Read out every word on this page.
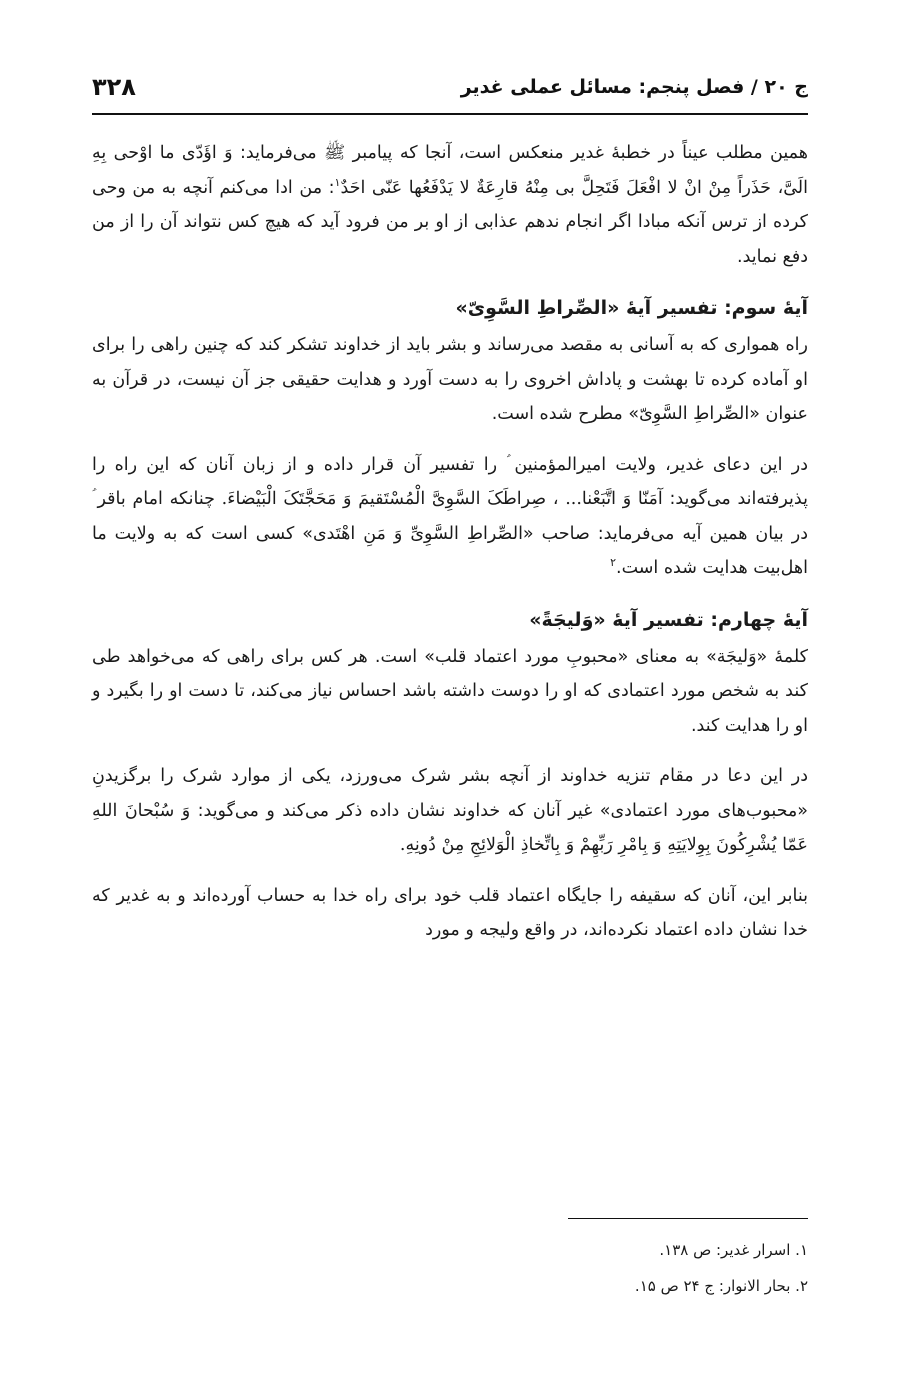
ج ۲۰ / فصل پنجم: مسائل عملی غدیر
۳۲۸

همین مطلب عیناً در خطبهٔ غدیر منعکس است، آنجا که پیامبر ﷺ می‌فرماید: وَ اؤَدّی ما اوْحی بِهِ الَیَّ، حَذَراً مِنْ انْ لا افْعَلَ فَتَحِلَّ بی مِنْهُ قارِعَةٌ لا یَدْفَعُها عَنّی احَدٌ$^۱$: من ادا می‌کنم آنچه به من وحی کرده از ترس آنکه مبادا اگر انجام ندهم عذابی از او بر من فرود آید که هیچ کس نتواند آن را از من دفع نماید.

آیهٔ سوم: تفسیر آیهٔ «الصِّراطِ السَّوِیّ»

راه همواری که به آسانی به مقصد می‌رساند و بشر باید از خداوند تشکر کند که چنین راهی را برای او آماده کرده تا بهشت و پاداش اخروی را به دست آورد و هدایت حقیقی جز آن نیست، در قرآن به عنوان «الصِّراطِ السَّوِیّ» مطرح شده است.

در این دعای غدیر، ولایت امیرالمؤمنین ؑ را تفسیر آن قرار داده و از زبان آنان که این راه را پذیرفته‌اند می‌گوید: آمَنّا وَ اتَّبَعْنا... ، صِراطَکَ السَّوِیَّ الْمُسْتَقیمَ وَ مَحَجَّتَکَ الْبَیْضاءَ. چنانکه امام باقر ؑ در بیان همین آیه می‌فرماید: صاحب «الصِّراطِ السَّوِیِّ وَ مَنِ اهْتَدی» کسی است که به ولایت ما اهل‌بیت هدایت شده است.$^۲$

آیهٔ چهارم: تفسیر آیهٔ «وَلیجَةً»

کلمهٔ «وَلیجَة» به معنای «محبوبِ مورد اعتماد قلب» است. هر کس برای راهی که می‌خواهد طی کند به شخص مورد اعتمادی که او را دوست داشته باشد احساس نیاز می‌کند، تا دست او را بگیرد و او را هدایت کند.

در این دعا در مقام تنزیه خداوند از آنچه بشر شرک می‌ورزد، یکی از موارد شرک را برگزیدنِ «محبوب‌های مورد اعتمادی» غیر آنان که خداوند نشان داده ذکر می‌کند و می‌گوید: وَ سُبْحانَ اللهِ عَمّا یُشْرِکُونَ بِوِلایَتِهِ وَ بِامْرِ رَبِّهِمْ وَ بِاتِّخاذِ الْوَلائِجِ مِنْ دُونِهِ.

بنابر این، آنان که سقیفه را جایگاه اعتماد قلب خود برای راه خدا به حساب آورده‌اند و به غدیر که خدا نشان داده اعتماد نکرده‌اند، در واقع ولیجه و مورد

۱. اسرار غدیر: ص ۱۳۸.

۲. بحار الانوار: ج ۲۴ ص ۱۵.
